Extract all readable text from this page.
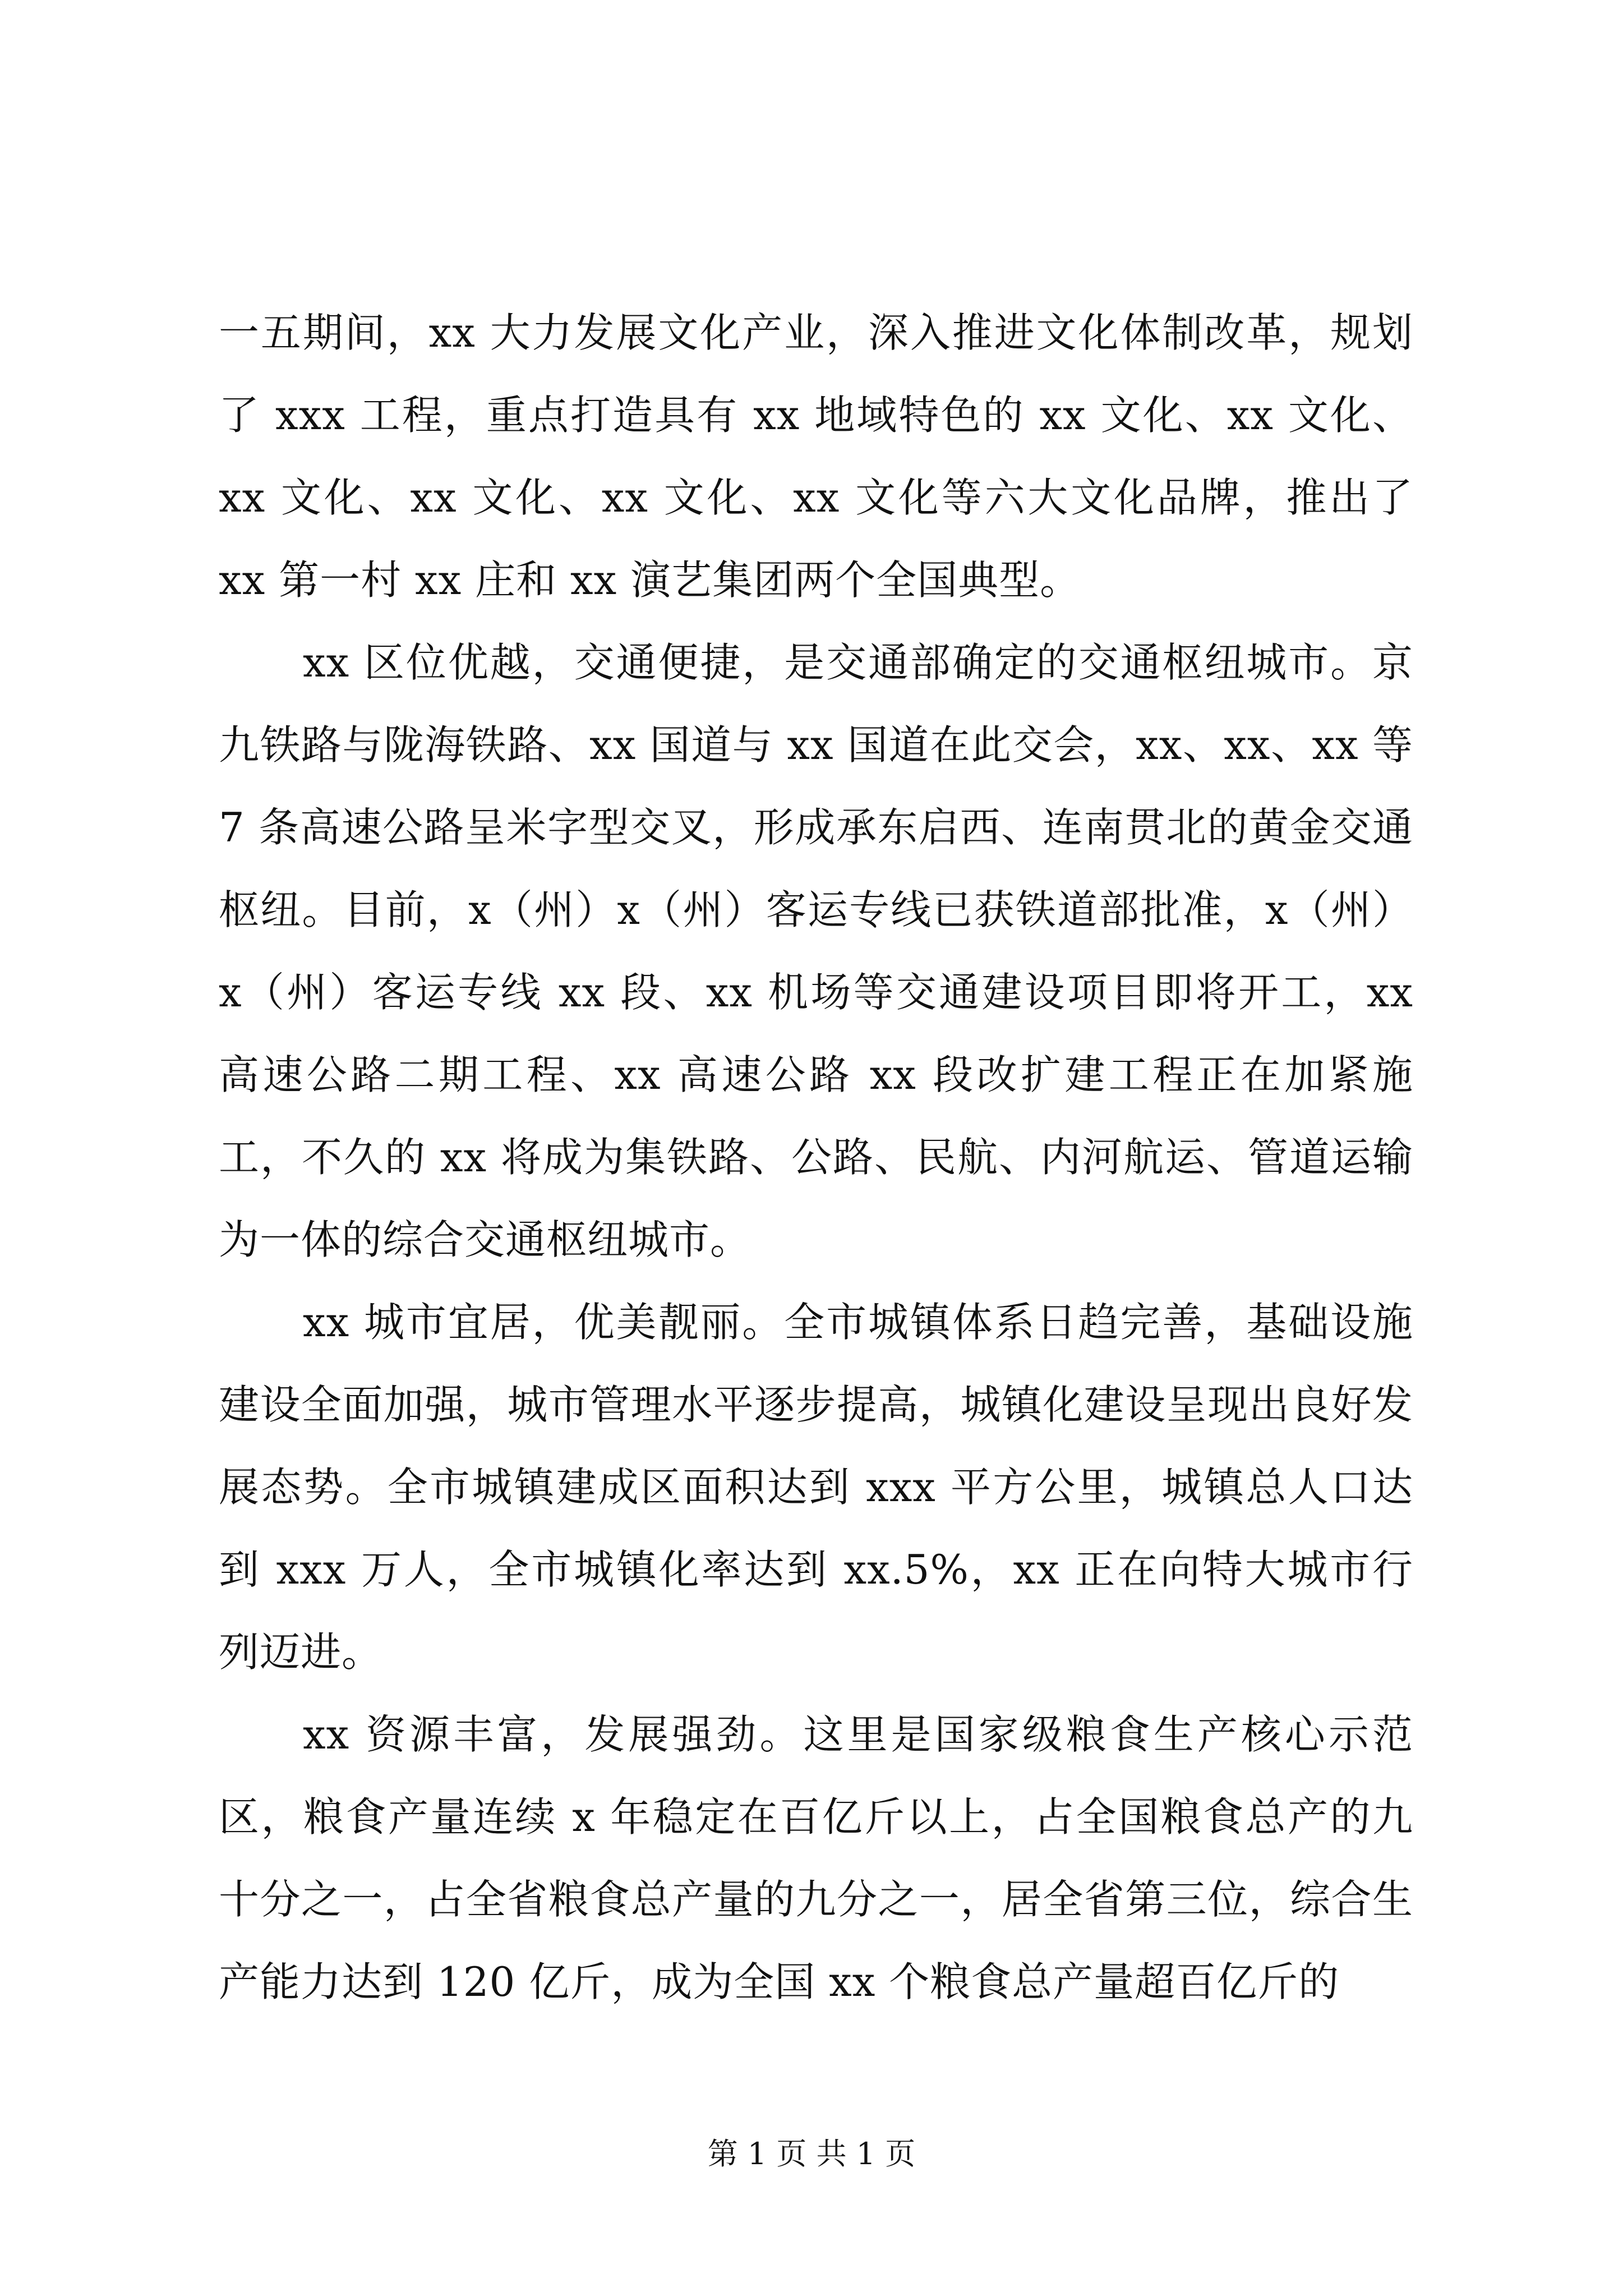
一五期间，xx 大力发展文化产业，深入推进文化体制改革，规划了 xxx 工程，重点打造具有 xx 地域特色的 xx 文化、xx 文化、xx 文化、xx 文化、xx 文化、xx 文化等六大文化品牌，推出了 xx 第一村 xx 庄和 xx 演艺集团两个全国典型。

xx 区位优越，交通便捷，是交通部确定的交通枢纽城市。京九铁路与陇海铁路、xx 国道与 xx 国道在此交会，xx、xx、xx 等 7 条高速公路呈米字型交叉，形成承东启西、连南贯北的黄金交通枢纽。目前，x（州）x（州）客运专线已获铁道部批准，x（州）x（州）客运专线 xx 段、xx 机场等交通建设项目即将开工，xx 高速公路二期工程、xx 高速公路 xx 段改扩建工程正在加紧施工，不久的 xx 将成为集铁路、公路、民航、内河航运、管道运输为一体的综合交通枢纽城市。

xx 城市宜居，优美靓丽。全市城镇体系日趋完善，基础设施建设全面加强，城市管理水平逐步提高，城镇化建设呈现出良好发展态势。全市城镇建成区面积达到 xxx 平方公里，城镇总人口达到 xxx 万人，全市城镇化率达到 xx.5%，xx 正在向特大城市行列迈进。

xx 资源丰富，发展强劲。这里是国家级粮食生产核心示范区，粮食产量连续 x 年稳定在百亿斤以上，占全国粮食总产的九十分之一，占全省粮食总产量的九分之一，居全省第三位，综合生产能力达到 120 亿斤，成为全国 xx 个粮食总产量超百亿斤的

第 1 页 共 1 页
